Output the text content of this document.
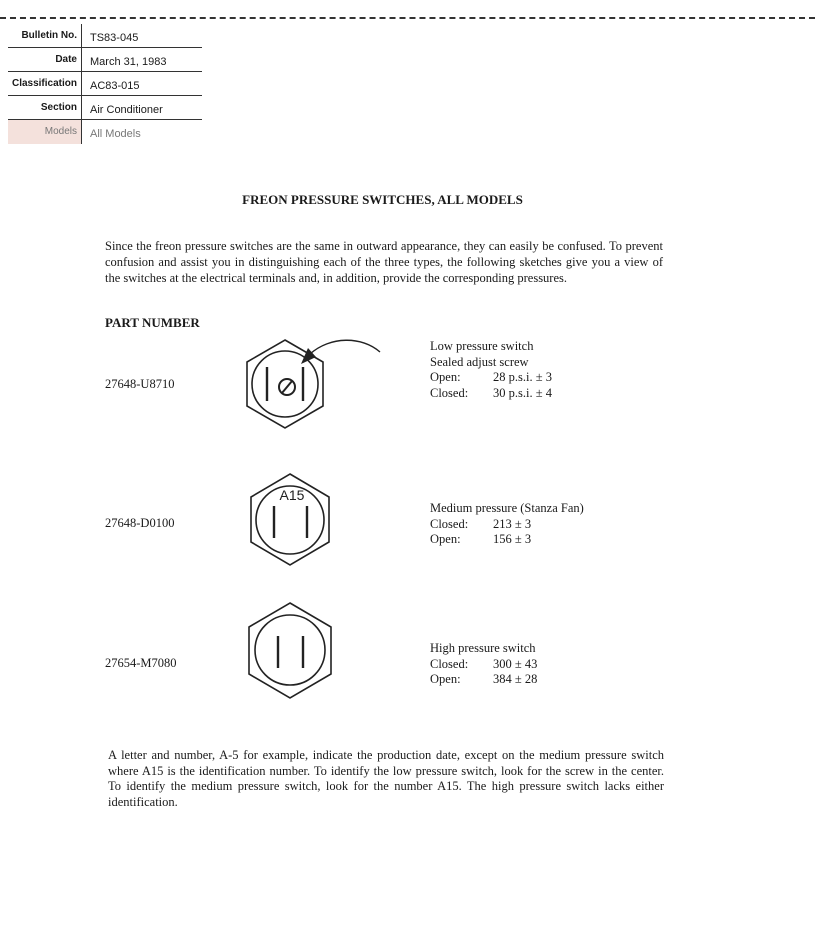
Bulletin No.	TS83-045
Date	March 31, 1983
Classification	AC83-015
Section	Air Conditioner
Models	All Models
FREON PRESSURE SWITCHES, ALL MODELS
Since the freon pressure switches are the same in outward appearance, they can easily be confused. To prevent confusion and assist you in distinguishing each of the three types, the following sketches give you a view of the switches at the electrical terminals and, in addition, provide the corresponding pressures.
PART NUMBER
27648-U8710
Low pressure switch
Sealed adjust screw
Open:	28 p.s.i. ± 3
Closed:	30 p.s.i. ± 4
27648-D0100
A15
Medium pressure (Stanza Fan)
Closed:	213 ± 3
Open:	156 ± 3
27654-M7080
High pressure switch
Closed:	300 ± 43
Open:	384 ± 28
A letter and number, A-5 for example, indicate the production date, except on the medium pressure switch where A15 is the identification number. To identify the low pressure switch, look for the screw in the center. To identify the medium pressure switch, look for the number A15. The high pressure switch lacks either identification.
